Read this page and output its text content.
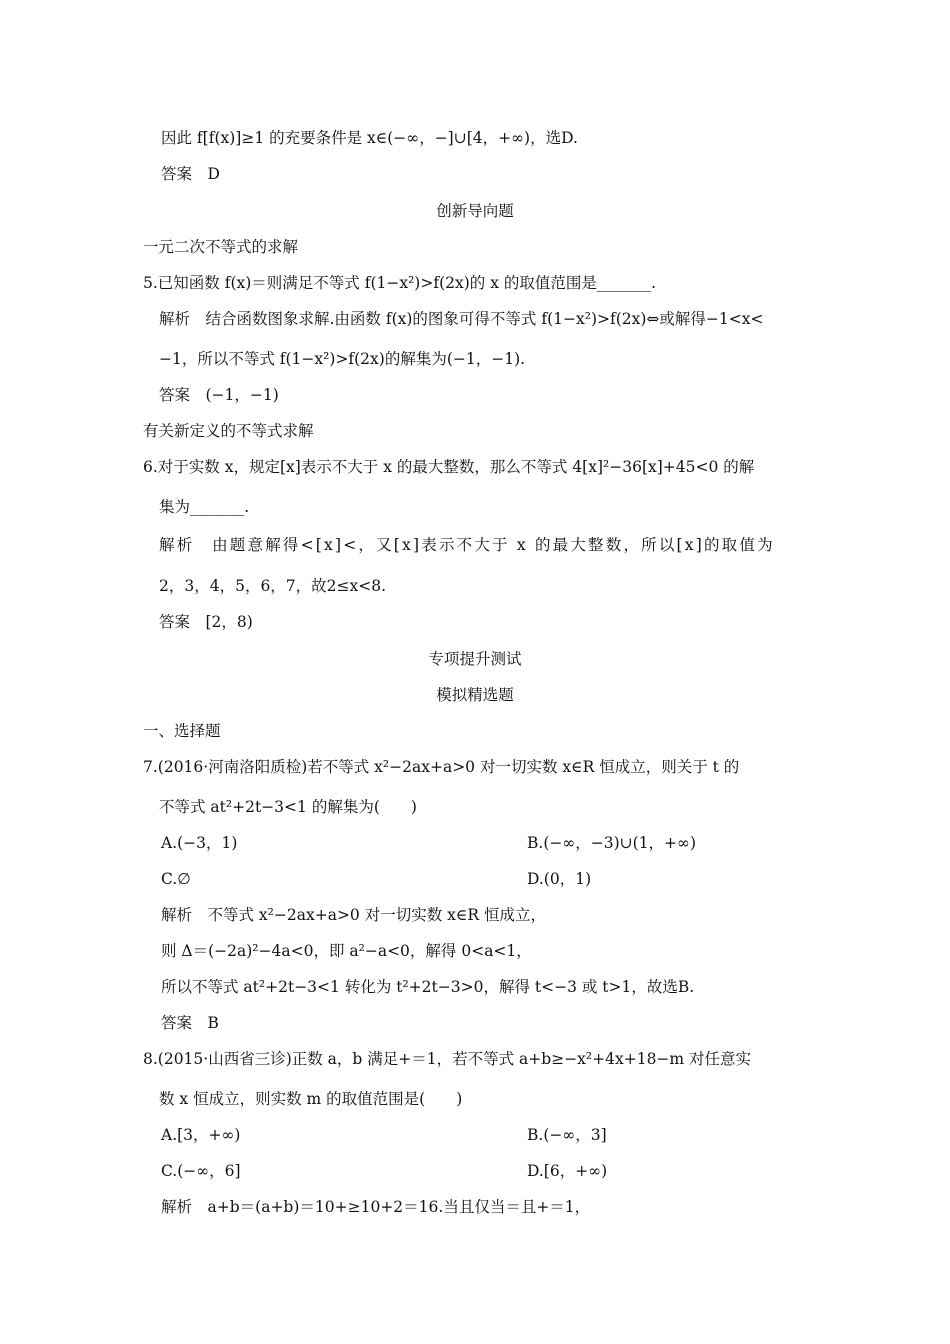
因此 f[f(x)]≥1 的充要条件是 x∈(−∞，−]∪[4，+∞)，选D.
答案　D
创新导向题
一元二次不等式的求解
5.已知函数 f(x)＝则满足不等式 f(1−x²)>f(2x)的 x 的取值范围是_______.
解析　结合函数图象求解.由函数 f(x)的图象可得不等式 f(1−x²)>f(2x)⇔或解得−1<x<
−1，所以不等式 f(1−x²)>f(2x)的解集为(−1，−1).
答案　(−1，−1)
有关新定义的不等式求解
6.对于实数 x，规定[x]表示不大于 x 的最大整数，那么不等式 4[x]²−36[x]+45<0 的解
集为_______.
解析　由题意解得<[x]<，又[x]表示不大于 x 的最大整数，所以[x]的取值为
2，3，4，5，6，7，故2≤x<8.
答案　[2，8)
专项提升测试
模拟精选题
一、选择题
7.(2016·河南洛阳质检)若不等式 x²−2ax+a>0 对一切实数 x∈R 恒成立，则关于 t 的
不等式 at²+2t−3<1 的解集为(　　)
A.(−3，1)	B.(−∞，−3)∪(1，+∞)
C.∅	D.(0，1)
解析　不等式 x²−2ax+a>0 对一切实数 x∈R 恒成立，
则 Δ＝(−2a)²−4a<0，即 a²−a<0，解得 0<a<1，
所以不等式 at²+2t−3<1 转化为 t²+2t−3>0，解得 t<−3 或 t>1，故选B.
答案　B
8.(2015·山西省三诊)正数 a，b 满足+＝1，若不等式 a+b≥−x²+4x+18−m 对任意实
数 x 恒成立，则实数 m 的取值范围是(　　)
A.[3，+∞)	B.(−∞，3]
C.(−∞，6]	D.[6，+∞)
解析　a+b＝(a+b)＝10+≥10+2＝16.当且仅当＝且+＝1，
